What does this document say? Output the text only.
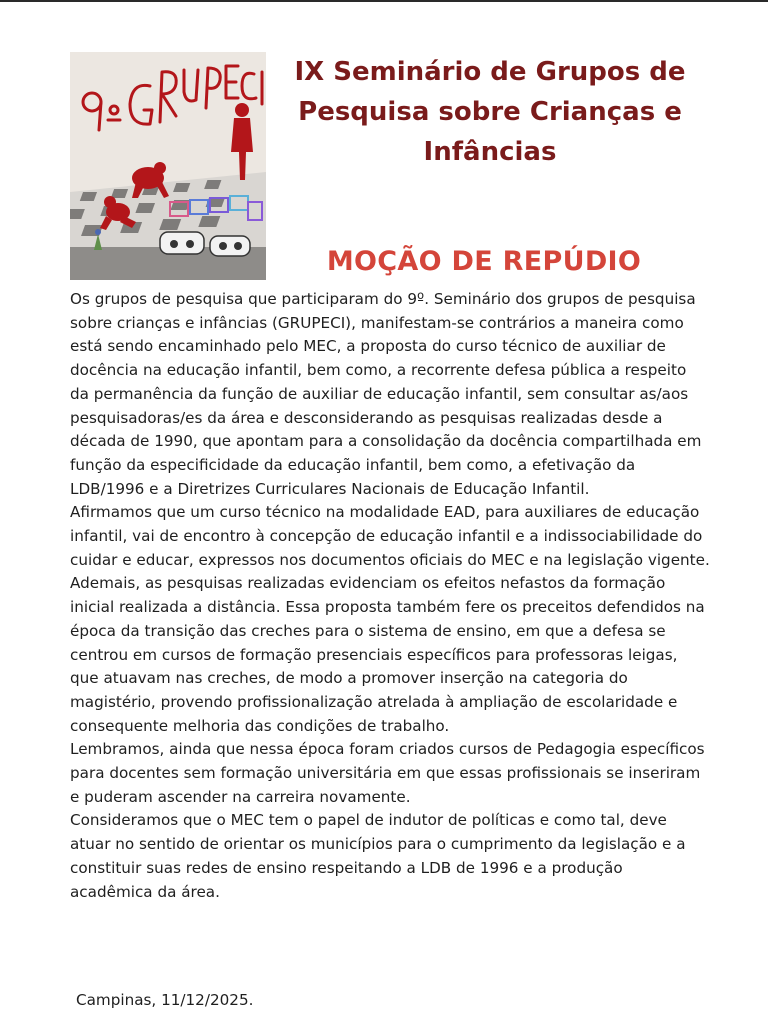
IX Seminário de Grupos de Pesquisa sobre Crianças e Infâncias
MOÇÃO DE REPÚDIO

Os grupos de pesquisa que participaram do 9º. Seminário dos grupos de pesquisa sobre crianças e infâncias (GRUPECI), manifestam-se contrários a maneira como está sendo encaminhado pelo MEC, a proposta do curso técnico de auxiliar de docência na educação infantil, bem como, a recorrente defesa pública a respeito da permanência da função de auxiliar de educação infantil, sem consultar as/aos pesquisadoras/es da área e desconsiderando as pesquisas realizadas desde a década de 1990, que apontam para a consolidação da docência compartilhada em função da especificidade da educação infantil, bem como, a efetivação da LDB/1996 e a Diretrizes Curriculares Nacionais de Educação Infantil.

Afirmamos que um curso técnico na modalidade EAD, para auxiliares de educação infantil, vai de encontro à concepção de educação infantil e a indissociabilidade do cuidar e educar, expressos nos documentos oficiais do MEC e na legislação vigente.

Ademais, as pesquisas realizadas evidenciam os efeitos nefastos da formação inicial realizada a distância. Essa proposta também fere os preceitos defendidos na época da transição das creches para o sistema de ensino, em que a defesa se centrou em cursos de formação presenciais específicos para professoras leigas, que atuavam nas creches, de modo a promover inserção na categoria do magistério, provendo profissionalização atrelada à ampliação de escolaridade e consequente melhoria das condições de trabalho.

Lembramos, ainda que nessa época foram criados cursos de Pedagogia específicos para docentes sem formação universitária em que essas profissionais se inseriram e puderam ascender na carreira novamente.

Consideramos que o MEC tem o papel de indutor de políticas e como tal, deve atuar no sentido de orientar os municípios para o cumprimento da legislação e a constituir suas redes de ensino respeitando a LDB de 1996 e a produção acadêmica da área.

Campinas, 11/12/2025.
